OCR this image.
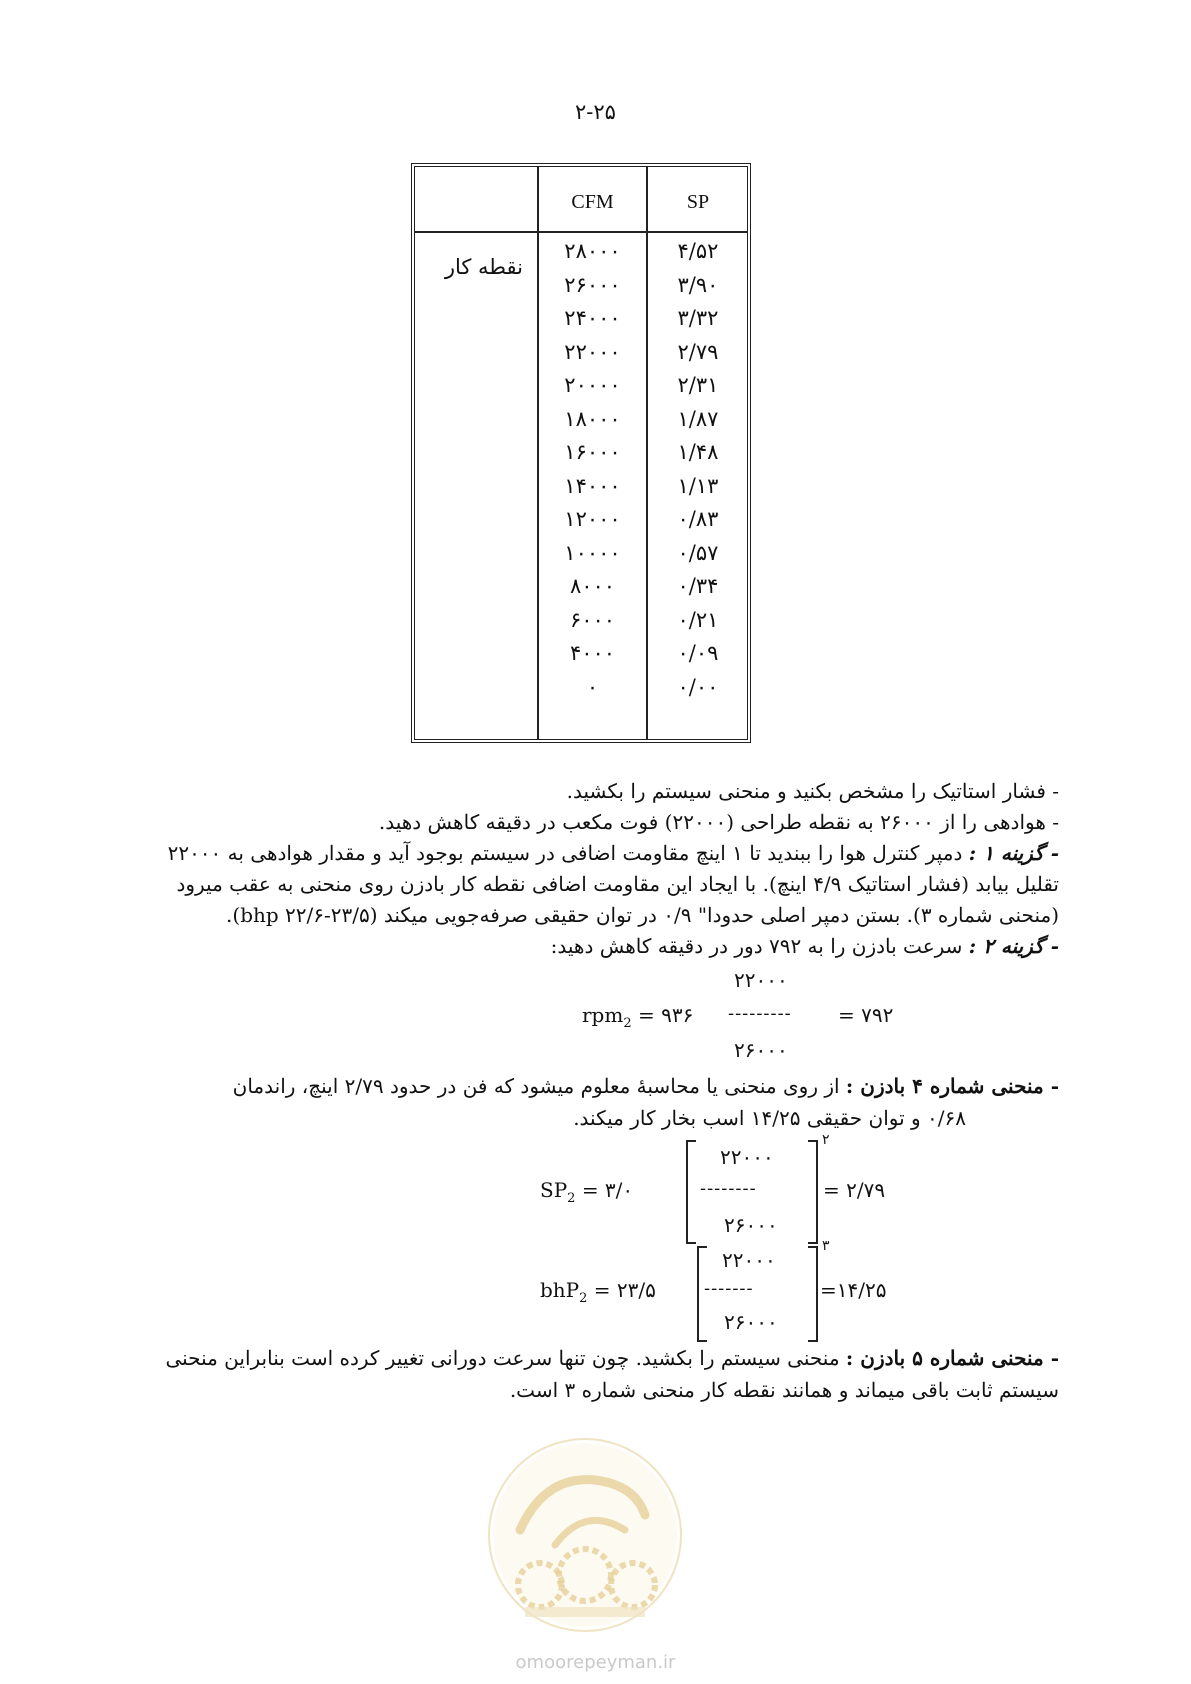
۲-۲۵
CFM	SP
نقطه کار
۲۸۰۰۰	۴/۵۲
۲۶۰۰۰	۳/۹۰
۲۴۰۰۰	۳/۳۲
۲۲۰۰۰	۲/۷۹
۲۰۰۰۰	۲/۳۱
۱۸۰۰۰	۱/۸۷
۱۶۰۰۰	۱/۴۸
۱۴۰۰۰	۱/۱۳
۱۲۰۰۰	۰/۸۳
۱۰۰۰۰	۰/۵۷
۸۰۰۰	۰/۳۴
۶۰۰۰	۰/۲۱
۴۰۰۰	۰/۰۹
۰	۰/۰۰
- فشار استاتیک را مشخص بکنید و منحنی سیستم را بکشید.
- هوادهی را از ۲۶۰۰۰ به نقطه طراحی (۲۲۰۰۰) فوت مکعب در دقیقه کاهش دهید.
- گزینه ۱ : دمپر کنترل هوا را ببندید تا ۱ اینچ مقاومت اضافی در سیستم بوجود آید و مقدار هوادهی به ۲۲۰۰۰
تقلیل بیابد (فشار استاتیک ۴/۹ اینچ). با ایجاد این مقاومت اضافی نقطه کار بادزن روی منحنی به عقب میرود
(منحنی شماره ۳). بستن دمپر اصلی حدودا" ۰/۹ در توان حقیقی صرفه‌جویی میکند (bhp ۲۲/۶-۲۳/۵).
- گزینه ۲ : سرعت بادزن را به ۷۹۲ دور در دقیقه کاهش دهید:
۲۲۰۰۰
rpm$_2$ = ۹۳۶ --------- = ۷۹۲
۲۶۰۰۰
- منحنی شماره ۴ بادزن : از روی منحنی یا محاسبهٔ معلوم میشود که فن در حدود ۲/۷۹ اینچ، راندمان
۰/۶۸ و توان حقیقی ۱۴/۲۵ اسب بخار کار میکند.
$SP_2$ = ۳/۰
۲۲۰۰۰
--------
۲۶۰۰۰
۲
= ۲/۷۹
bhP$_2$ = ۲۳/۵
۲۲۰۰۰
-------
۲۶۰۰۰
۳
=۱۴/۲۵
- منحنی شماره ۵ بادزن : منحنی سیستم را بکشید. چون تنها سرعت دورانی تغییر کرده است بنابراین منحنی
سیستم ثابت باقی میماند و همانند نقطه کار منحنی شماره ۳ است.
omoorepeyman.ir
